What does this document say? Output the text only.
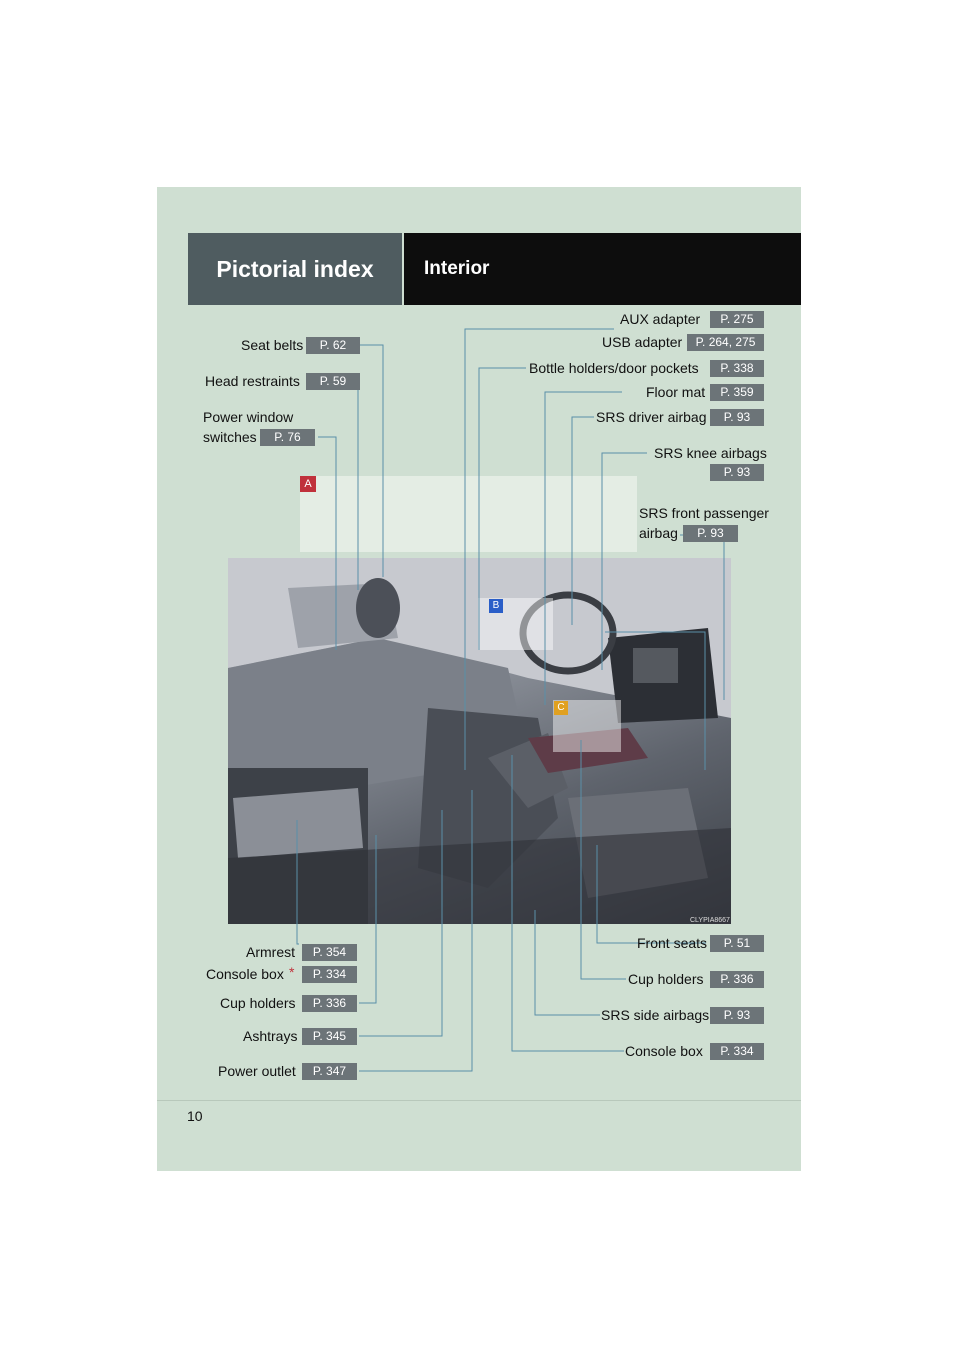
Pictorial index	Interior
A
B
C
CLYPIA8667
Seat belts	P. 62
Head restraints	P. 59
Power window
switches	P. 76
AUX adapter	P. 275
USB adapter	P. 264, 275
Bottle holders/door pockets	P. 338
Floor mat	P. 359
SRS driver airbag	P. 93
SRS knee airbags
P. 93
SRS front passenger
airbag	P. 93
Armrest	P. 354
Console box *	P. 334
Cup holders	P. 336
Ashtrays	P. 345
Power outlet	P. 347
Front seats	P. 51
Cup holders	P. 336
SRS side airbags	P. 93
Console box	P. 334
10
